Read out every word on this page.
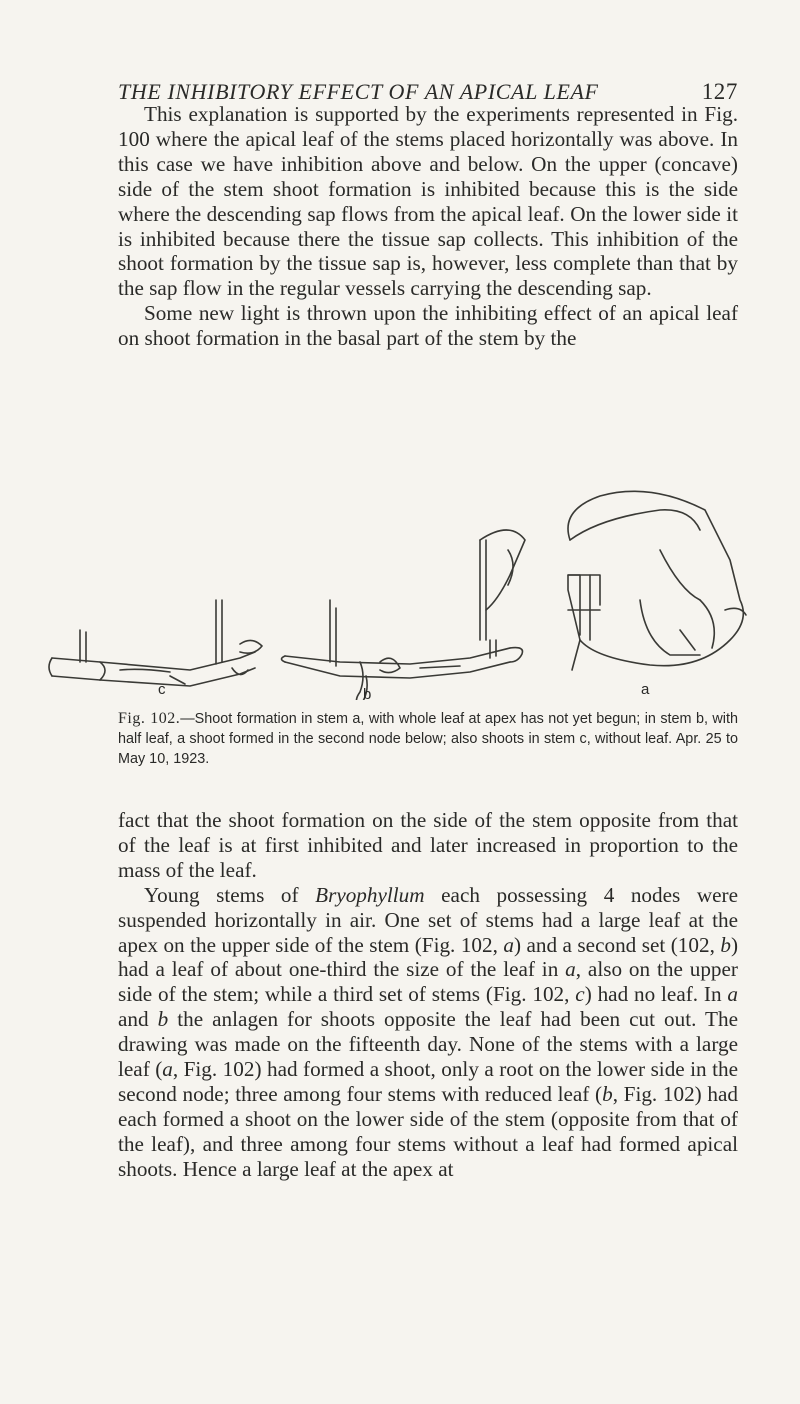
THE INHIBITORY EFFECT OF AN APICAL LEAF	127

This explanation is supported by the experiments represented in Fig. 100 where the apical leaf of the stems placed horizontally was above. In this case we have inhibition above and below. On the upper (concave) side of the stem shoot formation is inhibited because this is the side where the descending sap flows from the apical leaf. On the lower side it is inhibited because there the tissue sap collects. This inhibition of the shoot formation by the tissue sap is, however, less complete than that by the sap flow in the regular vessels carrying the descending sap.

Some new light is thrown upon the inhibiting effect of an apical leaf on shoot formation in the basal part of the stem by the

c	b	a
Fig. 102.—Shoot formation in stem a, with whole leaf at apex has not yet begun; in stem b, with half leaf, a shoot formed in the second node below; also shoots in stem c, without leaf. Apr. 25 to May 10, 1923.

fact that the shoot formation on the side of the stem opposite from that of the leaf is at first inhibited and later increased in proportion to the mass of the leaf.

Young stems of Bryophyllum each possessing 4 nodes were suspended horizontally in air. One set of stems had a large leaf at the apex on the upper side of the stem (Fig. 102, a) and a second set (102, b) had a leaf of about one-third the size of the leaf in a, also on the upper side of the stem; while a third set of stems (Fig. 102, c) had no leaf. In a and b the anlagen for shoots opposite the leaf had been cut out. The drawing was made on the fifteenth day. None of the stems with a large leaf (a, Fig. 102) had formed a shoot, only a root on the lower side in the second node; three among four stems with reduced leaf (b, Fig. 102) had each formed a shoot on the lower side of the stem (opposite from that of the leaf), and three among four stems without a leaf had formed apical shoots. Hence a large leaf at the apex at
